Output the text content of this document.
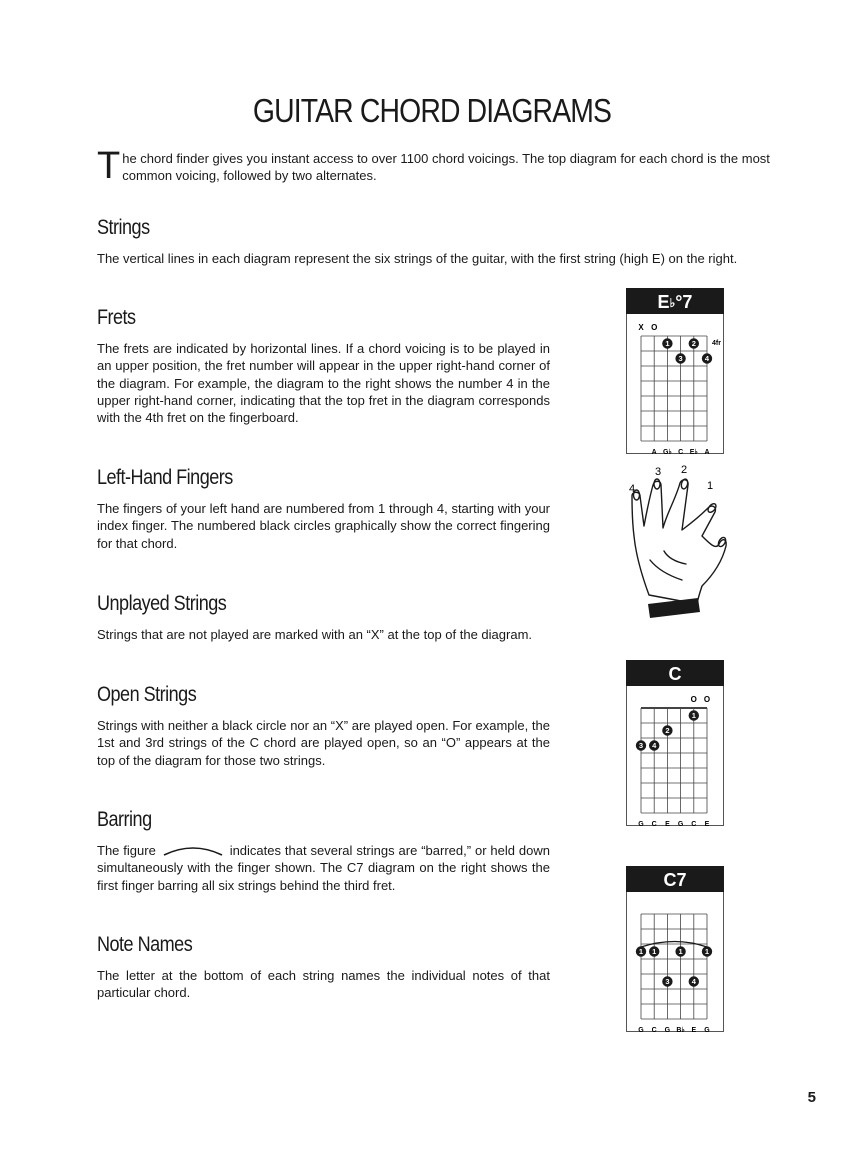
GUITAR CHORD DIAGRAMS
T he chord finder gives you instant access to over 1100 chord voicings. The top diagram for each chord is the most common voicing, followed by two alternates.
Strings

The vertical lines in each diagram represent the six strings of the guitar, with the first string (high E) on the right.

Frets

The frets are indicated by horizontal lines. If a chord voicing is to be played in an upper position, the fret number will appear in the upper right-hand corner of the diagram. For example, the diagram to the right shows the number 4 in the upper right-hand corner, indicating that the top fret in the diagram corresponds with the 4th fret on the fingerboard.

Left-Hand Fingers

The fingers of your left hand are numbered from 1 through 4, starting with your index finger. The numbered black circles graphically show the correct fingering for that chord.

Unplayed Strings

Strings that are not played are marked with an “X” at the top of the diagram.

Open Strings

Strings with neither a black circle nor an “X” are played open. For example, the 1st and 3rd strings of the C chord are played open, so an “O” appears at the top of the diagram for those two strings.

Barring

The figure	indicates that several strings are “barred,” or held down simultaneously with the finger shown. The C7 diagram on the right shows the first finger barring all six strings behind the third fret.

Note Names

The letter at the bottom of each string names the individual notes of that particular chord.

E♭°7
X O
4fr
1	2
3	4
A G♭ C E♭ A
4
3 2
1
C
O O
1
2
3 4
G C E G C E
C7
1 1	1	1
3	4
G C G B♭ E G
5
